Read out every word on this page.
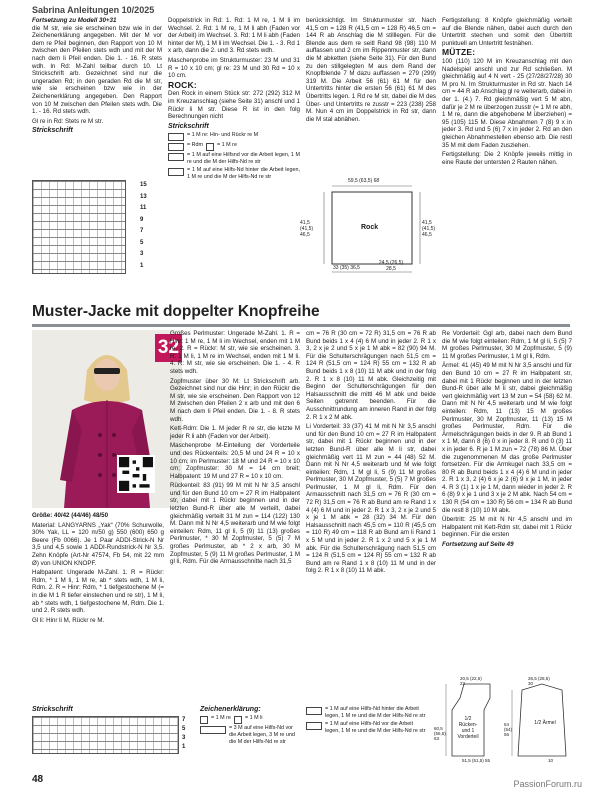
Sabrina Anleitungen 10/2025
Fortsetzung zu Modell 30+31

die M str, wie sie erscheinen bzw wie in der Zeichenerklärung angegeben. Mit der M vor dem re Pfeil beginnen, den Rapport von 10 M zwischen den Pfeilen stets wdh und mit der M nach dem li Pfeil enden. Die 1. - 16. R stets wdh. In Rd: M-Zahl teilbar durch 10. Lt Strickschrift arb. Gezeichnet sind nur die ungeraden Rd; in den geraden Rd die M str, wie sie erscheinen bzw wie in der Zeichenerklärung angegeben. Den Rapport von 10 M zwischen den Pfeilen stets wdh. Die 1. - 16. Rd stets wdh.

Gl re in Rd: Stets re M str.

Strickschrift
15
13
11
9
7
5
3
1

Doppelstrick in Rd: 1. Rd: 1 M re, 1 M li im Wechsel. 2. Rd: 1 M re, 1 M li abh (Faden vor der Arbeit) im Wechsel. 3. Rd: 1 M li abh (Faden hinter der M), 1 M li im Wechsel. Die 1. - 3. Rd 1 x arb, dann die 2. und 3. Rd stets wdh.

Maschenprobe im Strukturmuster: 23 M und 31 R = 10 x 10 cm; gl re: 23 M und 30 Rd = 10 x 10 cm.

ROCK:

Den Rock in einem Stück str: 272 (292) 312 M im Kreuzanschlag (siehe Seite 31) anschl und 1 Rückr li M str. Diese R ist in den folg Berechnungen nicht

Strickschrift
= 1 M re: Hin- und Rückr re M
= Rdm	= 1 M re
= 1 M auf eine Hilfsnd vor die Arbeit legen, 1 M re und die M der Hilfs-Nd re str
= 1 M auf eine Hilfs-Nd hinter die Arbeit legen, 1 M re und die M der Hilfs-Nd re str

berücksichtigt. Im Strukturmuster str. Nach 41,5 cm = 128 R (41,5 cm = 128 R) 46,5 cm = 144 R ab Anschlag die M stilllegen. Für die Blende aus dem re seitl Rand 98 (98) 110 M auffassen und 2 cm im Rippenmuster str, dann die M abketten (siehe Seite 31). Für den Bund zu den stillgelegten M aus dem Rand der Knopfblende 7 M dazu auffassen = 279 (299) 319 M. Die Arbeit 56 (61) 61 M für den Untertritts hinter die ersten 56 (61) 61 M des Übertritts legen. 1 Rd re M str, dabei die M des Über- und Untertritts re zusstr = 223 (238) 258 M. Nun 4 cm im Doppelstrick in Rd str, dann die M stal abnähen.

Rock
59,5 (63,5) 68
41,5 (41,5) 46,5
41,5 (41,5) 46,5
33 (35) 36,5
24,5 (26,5) 28,5

Fertigstellung: 8 Knöpfe gleichmäßig verteilt auf die Blende nähen, dabei auch durch den Untertritt stechen und somit den Übertritt punktuell am Untertritt festnähen.

MÜTZE:

100 (110) 120 M im Kreuzanschlag mit den Nadelspiel anschl und zur Rd schließen. M gleichmäßig auf 4 N vert - 25 (27/28/27/28) 30 M pro N. Im Strukturmuster in Rd str. Nach 14 cm = 44 R ab Anschlag gl re weiterarb, dabei in der 1. (4.) 7. Rd gleichmäßig vert 5 M abn, dafür je 2 M re überzogen zusstr (= 1 M re abh, 1 M re, dann die abgehobene M überziehen) = 95 (105) 115 M. Diese Abnahmen 7 (8) 9 x in jeder 3. Rd und 5 (6) 7 x in jeder 2. Rd an den gleichen Abnahmestellen ebenso arb. Die restl 35 M mit dem Faden zusziehen.

Fertigstellung: Die 2 Knöpfe jeweils mittig in eine Raute der untersten 2 Rauten nähen.

Muster-Jacke mit doppelter Knopfreihe
32

Größe: 40/42 (44/46) 48/50

Material: LANGYARNS „Yak“ (70% Schurwolle, 30% Yak, LL = 120 m/50 g) 550 (600) 650 g Beere (Fb 0066). Je 1 Paar ADDI-Strick-N Nr 3,5 und 4,5 sowie 1 ADDI-Rundstrick-N Nr 3,5. Zehn Knöpfe (Art-Nr 47574, Fb 54, mit 22 mm Ø) von UNION KNOPF.

Halbpatent: Ungerade M-Zahl. 1. R = Rückr: Rdm, * 1 M li, 1 M re, ab * stets wdh, 1 M li, Rdm. 2. R = Hinr: Rdm, * 1 tiefgestochene M (= in die M 1 R tiefer einstechen und re str), 1 M li, ab * stets wdh, 1 tiefgestochene M, Rdm. Die 1. und 2. R stets wdh.

Gl li: Hinr li M, Rückr re M.

Großes Perlmuster: Ungerade M-Zahl. 1. R = Hinr: 1 M re, 1 M li im Wechsel, enden mit 1 M re. 2. R = Rückr: M str, wie sie erscheinen. 3. R: 1 M li, 1 M re im Wechsel, enden mit 1 M li. 4. R: M str, wie sie erscheinen. Die 1. - 4. R stets wdh.

Zopfmuster über 30 M: Lt Strickschrift arb. Gezeichnet sind nur die Hinr; in den Rückr die M str, wie sie erscheinen. Den Rapport von 12 M zwischen den Pfeilen 2 x arb und mit den 6 M nach dem li Pfeil enden. Die 1. - 8. R stets wdh.

Kett-Rdm: Die 1. M jeder R re str, die letzte M jeder R li abh (Faden vor der Arbeit).

Maschenprobe M-Einteilung der Vorderteile und des Rückenteils: 20,5 M und 24 R = 10 x 10 cm; im Perlmuster: 18 M und 24 R = 10 x 10 cm; Zopfmuster: 30 M = 14 cm breit; Halbpatent: 19 M und 27 R = 10 x 10 cm.

Rückenteil: 83 (91) 99 M mit N Nr 3,5 anschl und für den Bund 10 cm = 27 R im Halbpatent str, dabei mit 1 Rückr beginnen und in der letzten Bund-R über alle M verteilt, dabei gleichmäßig verteilt 31 M zun = 114 (122) 130 M. Dann mit N Nr 4,5 weiterarb und M wie folgt einteilen: Rdm, 11 gl li, 5 (9) 11 (13) großes Perlmuster, * 30 M Zopfmuster, 5 (5) 7 M großes Perlmuster, ab * 2 x arb, 30 M Zopfmuster, 5 (9) 11 M großes Perlmuster, 1 M gl li, Rdm. Für die Armausschnitte nach 31,5

cm = 76 R (30 cm = 72 R) 31,5 cm = 76 R ab Bund beids 1 x 4 (4) 6 M und in jeder 2. R 1 x 3, 2 x je 2 und 5 x je 1 M abk = 82 (90) 94 M. Für die Schulterschrägungen nach 51,5 cm = 124 R (51,5 cm = 124 R) 55 cm = 132 R ab Bund beids 1 x 8 (10) 11 M abk und in der folg 2. R 1 x 8 (10) 11 M abk. Gleichzeitig mit Beginn der Schulterschrägungen für den Halsausschnitt die mittl 46 M abk und beide Seiten getrennt beenden. Für die Ausschnittrundung am inneren Rand in der folg 2. R 1 x 2 M abk.

Li Vorderteil: 33 (37) 41 M mit N Nr 3,5 anschl und für den Bund 10 cm = 27 R im Halbpatent str, dabei mit 1 Rückr beginnen und in der letzten Bund-R über alle M li str, dabei gleichmäßig vert 11 M zun = 44 (48) 52 M. Dann mit N Nr 4,5 weiterarb und M wie folgt einteilen: Rdm, 1 M gl li, 5 (9) 11 M großes Perlmuster, 30 M Zopfmuster, 5 (5) 7 M großes Perlmuster, 1 M gl li, Rdm. Für den Armausschnitt nach 31,5 cm = 76 R (30 cm = 72 R) 31,5 cm = 76 R ab Bund am re Rand 1 x 4 (4) 6 M und in jeder 2. R 1 x 3, 2 x je 2 und 5 x je 1 M abk = 28 (32) 34 M. Für den Halsausschnitt nach 45,5 cm = 110 R (45,5 cm = 110 R) 49 cm = 118 R ab Bund am li Rand 1 x 5 M und in jeder 2. R 1 x 2 und 5 x je 1 M abk. Für die Schulterschrägung nach 51,5 cm = 124 R (51,5 cm = 124 R) 55 cm = 132 R ab Bund am re Rand 1 x 8 (10) 11 M und in der folg 2. R 1 x 8 (10) 11 M abk.

Re Vorderteil: Ggl arb, dabei nach dem Bund die M wie folgt einteilen: Rdm, 1 M gl li, 5 (5) 7 M großes Perlmuster, 30 M Zopfmuster, 5 (9) 11 M großes Perlmuster, 1 M gl li, Rdm.

Ärmel: 41 (45) 49 M mit N Nr 3,5 anschl und für den Bund 10 cm = 27 R im Halbpatent str, dabei mit 1 Rückr beginnen und in der letzten Bund-R über alle M li str, dabei gleichmäßig vert gleichmäßig vert 13 M zun = 54 (58) 62 M. Dann mit N Nr 4,5 weiterarb und M wie folgt einteilen: Rdm, 11 (13) 15 M großes Perlmuster, 30 M Zopfmuster, 11 (13) 15 M großes Perlmuster, Rdm. Für die Ärmelschrägungen beids in der 9. R ab Bund 1 x 1 M, dann 8 (6) 0 x in jeder 8. R und 0 (3) 11 x in jeder 6. R je 1 M zun = 72 (78) 86 M. Über die zugenommenen M das große Perlmuster fortsetzen. Für die Armkugel nach 33,5 cm = 80 R ab Bund beids 1 x 4 (4) 6 M und in jeder 2. R 1 x 3, 2 (4) 6 x je 2 (6) 9 x je 1 M, in jeder 4. R 3 (1) 1 x je 1 M, dann wieder in jeder 2. R 6 (8) 9 x je 1 und 3 x je 2 M abk. Nach 54 cm = 130 R (54 cm = 130 R) 56 cm = 134 R ab Bund die restl 8 (10) 10 M abk.

Übertritt: 25 M mit N Nr 4,5 anschl und im Halbpatent mit Kett-Rdm str, dabei mit 1 Rückr beginnen. Für die ersten

Fortsetzung auf Seite 49
Strickschrift
7
5
3
1
Zeichenerklärung:
= 1 M re	= 1 M li
= 3 M auf eine Hilfs-Nd vor die Arbeit legen, 3 M re und die M der Hilfs-Nd re str
= 1 M auf eine Hilfs-Nd hinter die Arbeit legen, 1 M re und die M der Hilfs-Nd re str
= 1 M auf eine Hilfs-Nd vor die Arbeit legen, 1 M re und die M der Hilfs-Nd re str
1/2 Rücken- und 1 Vorderteil
1/2 Ärmel
60,5 (56,5) 63
20,5 (22,5) 23
26,5 (28,5) 30
54 (54) 56
51,5 (51,5) 55	10
48	PassionForum.ru
